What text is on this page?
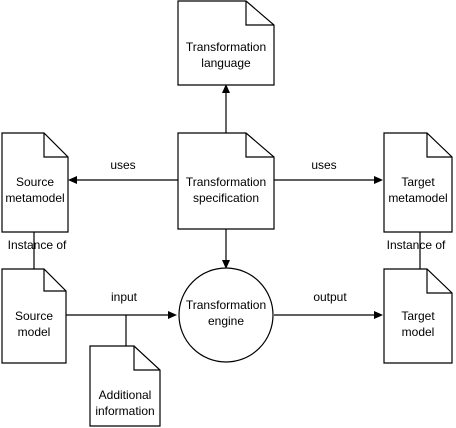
Transformation
language
Transformation
specification
Source
metamodel
Target
metamodel
Source
model
Target
model
Additional
information
Transformation
engine
uses	uses
Instance of	Instance of
input	output
